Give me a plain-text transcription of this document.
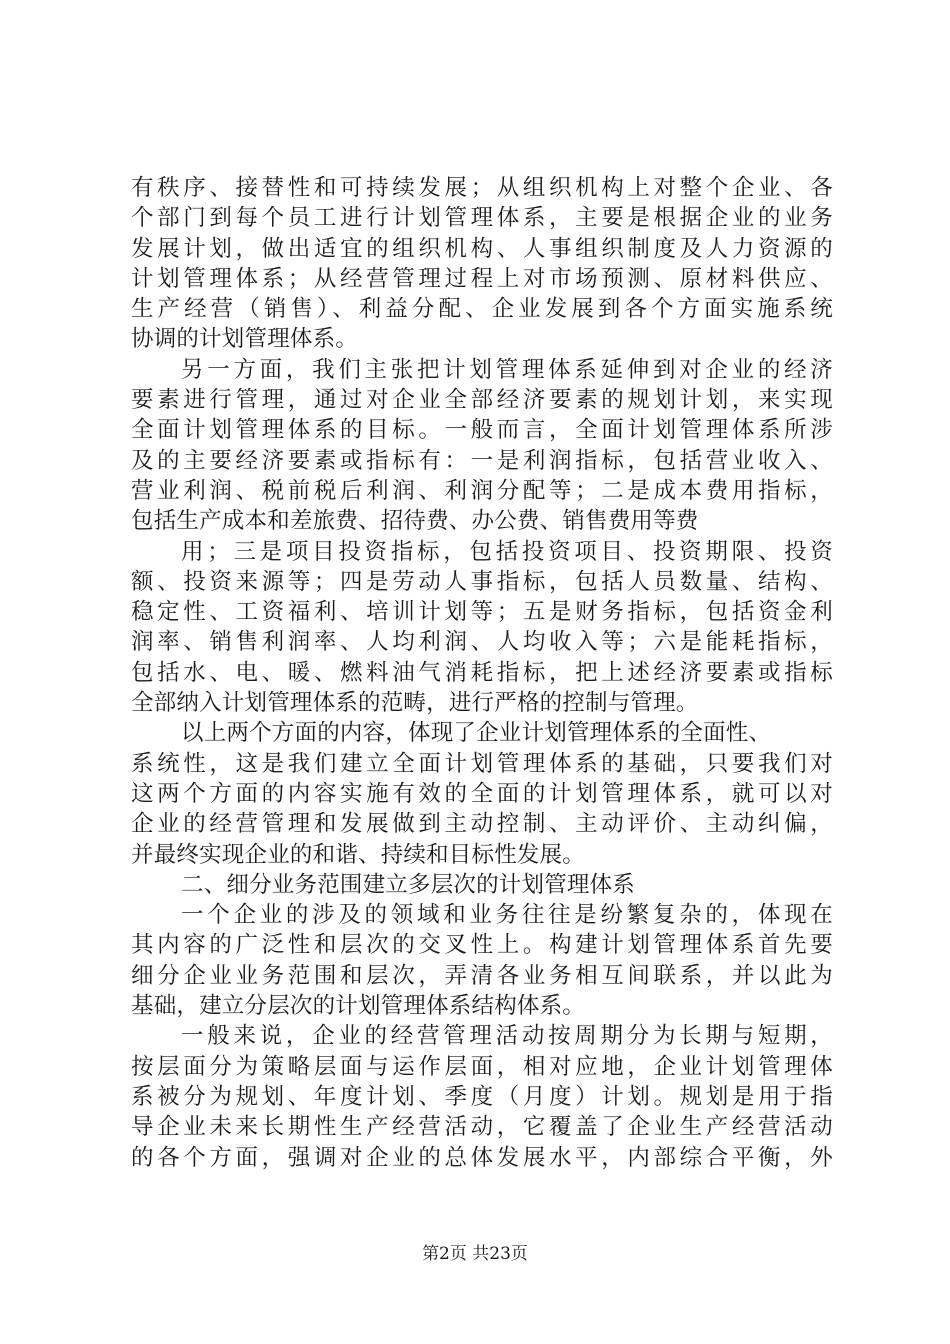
有秩序、接替性和可持续发展；从组织机构上对整个企业、各
个部门到每个员工进行计划管理体系，主要是根据企业的业务
发展计划，做出适宜的组织机构、人事组织制度及人力资源的
计划管理体系；从经营管理过程上对市场预测、原材料供应、
生产经营（销售）、利益分配、企业发展到各个方面实施系统
协调的计划管理体系。
另一方面，我们主张把计划管理体系延伸到对企业的经济
要素进行管理，通过对企业全部经济要素的规划计划，来实现
全面计划管理体系的目标。一般而言，全面计划管理体系所涉
及的主要经济要素或指标有：一是利润指标，包括营业收入、
营业利润、税前税后利润、利润分配等；二是成本费用指标，
包括生产成本和差旅费、招待费、办公费、销售费用等费
用；三是项目投资指标，包括投资项目、投资期限、投资
额、投资来源等；四是劳动人事指标，包括人员数量、结构、
稳定性、工资福利、培训计划等；五是财务指标，包括资金利
润率、销售利润率、人均利润、人均收入等；六是能耗指标，
包括水、电、暖、燃料油气消耗指标，把上述经济要素或指标
全部纳入计划管理体系的范畴，进行严格的控制与管理。
以上两个方面的内容，体现了企业计划管理体系的全面性、
系统性，这是我们建立全面计划管理体系的基础，只要我们对
这两个方面的内容实施有效的全面的计划管理体系，就可以对
企业的经营管理和发展做到主动控制、主动评价、主动纠偏，
并最终实现企业的和谐、持续和目标性发展。
二、细分业务范围建立多层次的计划管理体系
一个企业的涉及的领域和业务往往是纷繁复杂的，体现在
其内容的广泛性和层次的交叉性上。构建计划管理体系首先要
细分企业业务范围和层次，弄清各业务相互间联系，并以此为
基础，建立分层次的计划管理体系结构体系。
一般来说，企业的经营管理活动按周期分为长期与短期，
按层面分为策略层面与运作层面，相对应地，企业计划管理体
系被分为规划、年度计划、季度（月度）计划。规划是用于指
导企业未来长期性生产经营活动，它覆盖了企业生产经营活动
的各个方面，强调对企业的总体发展水平，内部综合平衡，外
第2页 共23页
